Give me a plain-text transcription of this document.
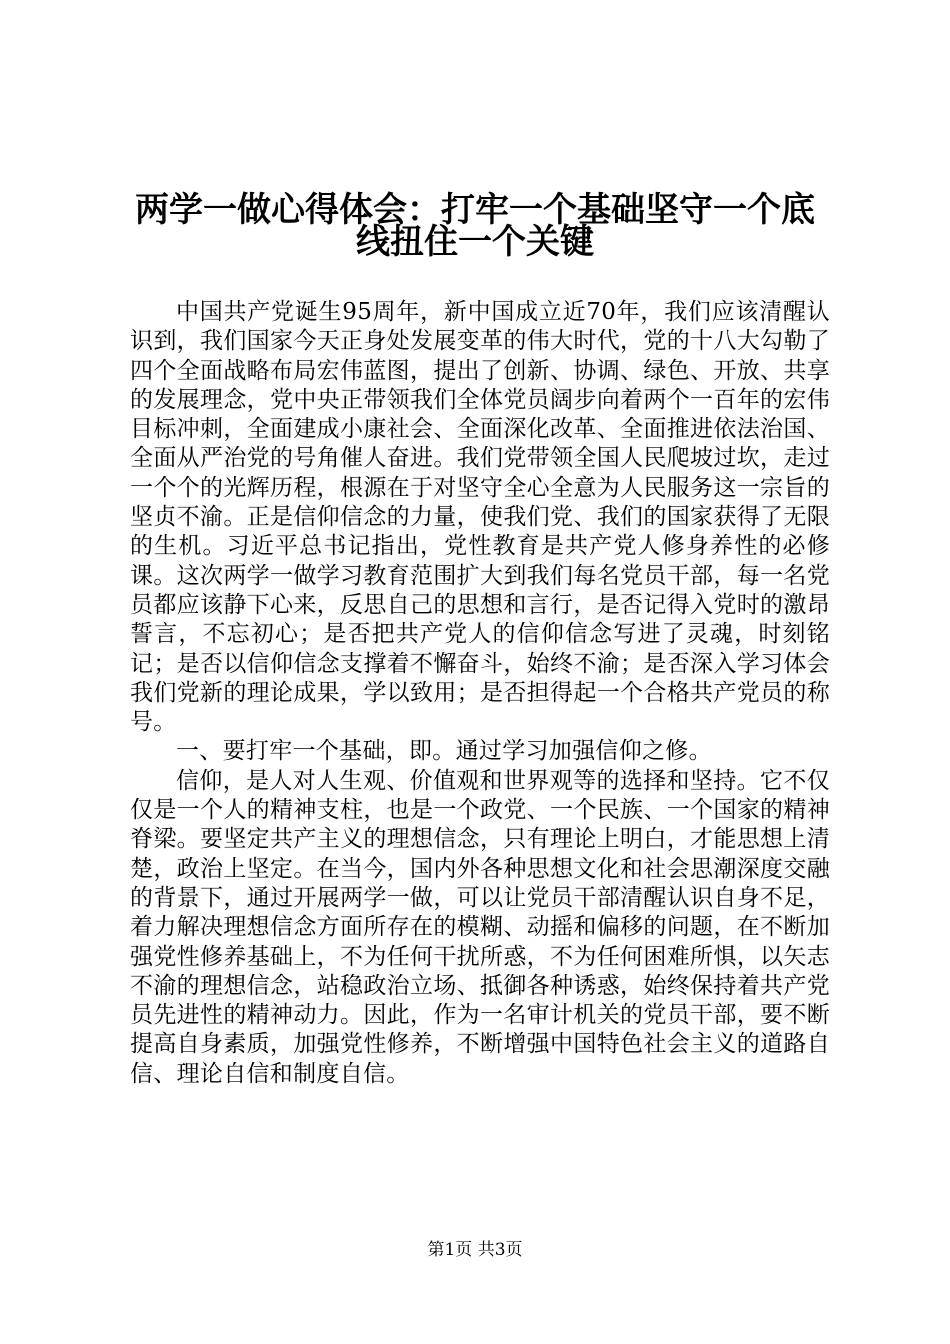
两学一做心得体会：打牢一个基础坚守一个底
线扭住一个关键

中国共产党诞生95周年，新中国成立近70年，我们应该清醒认识到，我们国家今天正身处发展变革的伟大时代，党的十八大勾勒了四个全面战略布局宏伟蓝图，提出了创新、协调、绿色、开放、共享的发展理念，党中央正带领我们全体党员阔步向着两个一百年的宏伟目标冲刺，全面建成小康社会、全面深化改革、全面推进依法治国、全面从严治党的号角催人奋进。我们党带领全国人民爬坡过坎，走过一个个的光辉历程，根源在于对坚守全心全意为人民服务这一宗旨的坚贞不渝。正是信仰信念的力量，使我们党、我们的国家获得了无限的生机。习近平总书记指出，党性教育是共产党人修身养性的必修课。这次两学一做学习教育范围扩大到我们每名党员干部，每一名党员都应该静下心来，反思自己的思想和言行，是否记得入党时的激昂誓言，不忘初心；是否把共产党人的信仰信念写进了灵魂，时刻铭记；是否以信仰信念支撑着不懈奋斗，始终不渝；是否深入学习体会我们党新的理论成果，学以致用；是否担得起一个合格共产党员的称号。

一、要打牢一个基础，即。通过学习加强信仰之修。

信仰，是人对人生观、价值观和世界观等的选择和坚持。它不仅仅是一个人的精神支柱，也是一个政党、一个民族、一个国家的精神脊梁。要坚定共产主义的理想信念，只有理论上明白，才能思想上清楚，政治上坚定。在当今，国内外各种思想文化和社会思潮深度交融的背景下，通过开展两学一做，可以让党员干部清醒认识自身不足，着力解决理想信念方面所存在的模糊、动摇和偏移的问题，在不断加强党性修养基础上，不为任何干扰所惑，不为任何困难所惧，以矢志不渝的理想信念，站稳政治立场、抵御各种诱惑，始终保持着共产党员先进性的精神动力。因此，作为一名审计机关的党员干部，要不断提高自身素质，加强党性修养，不断增强中国特色社会主义的道路自信、理论自信和制度自信。

第1页 共3页
